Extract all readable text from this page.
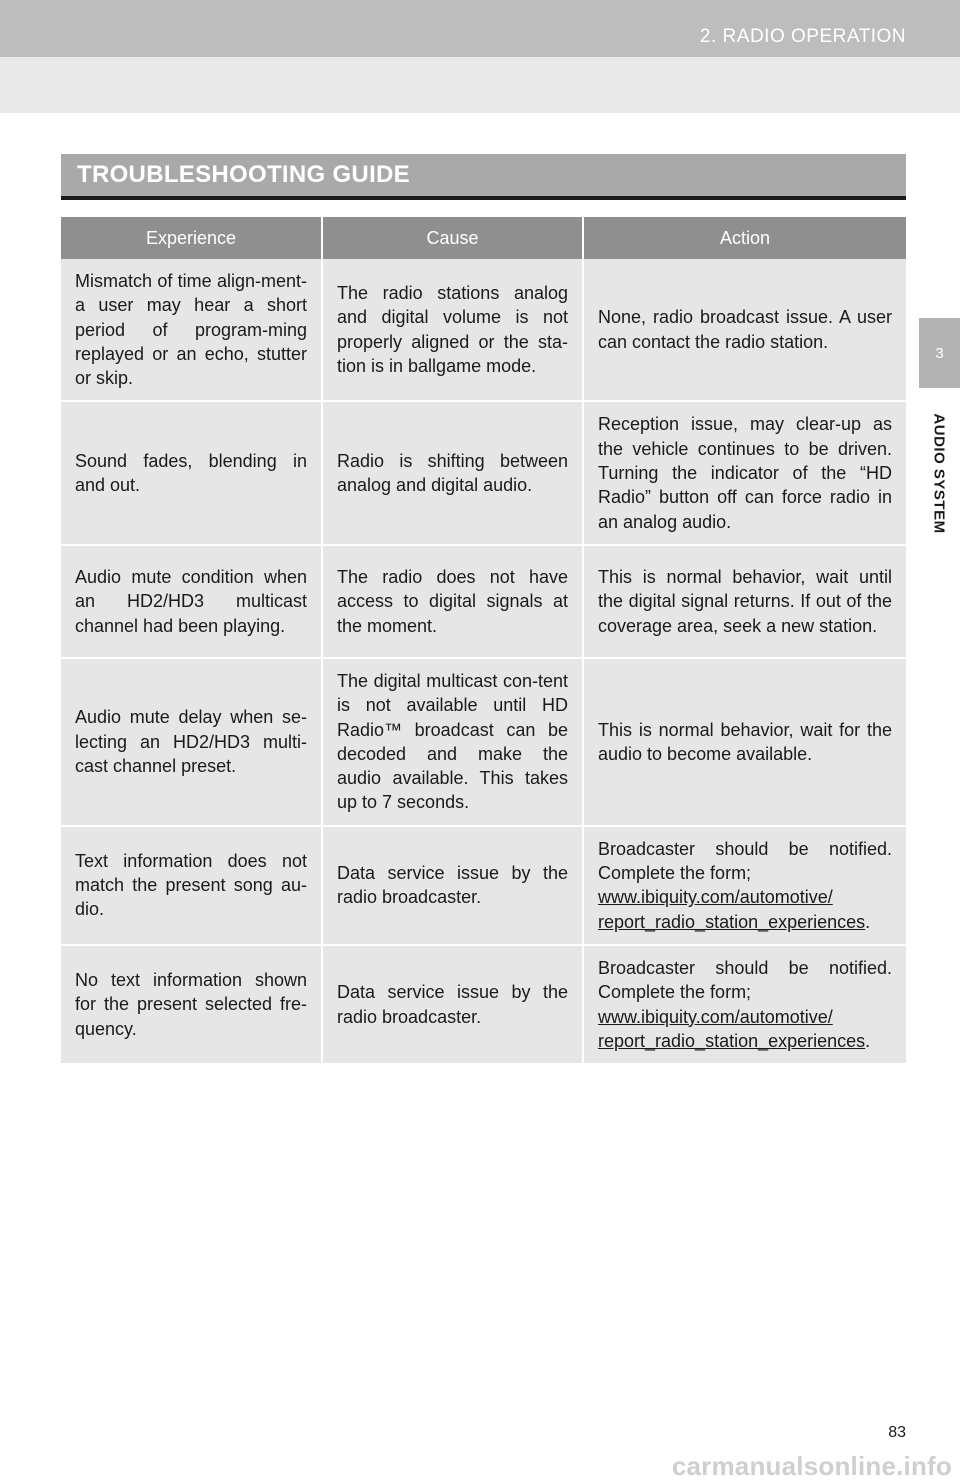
2. RADIO OPERATION
3
AUDIO SYSTEM
TROUBLESHOOTING GUIDE
Experience	Cause	Action
Mismatch of time align-ment- a user may hear a short period of program-ming replayed or an echo, stutter or skip.	The radio stations analog and digital volume is not properly aligned or the sta-tion is in ballgame mode.	None, radio broadcast issue. A user can contact the radio station.
Sound fades, blending in and out.	Radio is shifting between analog and digital audio.	Reception issue, may clear-up as the vehicle continues to be driven. Turning the indicator of the “HD Radio” button off can force radio in an analog audio.
Audio mute condition when an HD2/HD3 multicast channel had been playing.	The radio does not have access to digital signals at the moment.	This is normal behavior, wait until the digital signal returns. If out of the coverage area, seek a new station.
Audio mute delay when se-lecting an HD2/HD3 multi-cast channel preset.	The digital multicast con-tent is not available until HD Radio™ broadcast can be decoded and make the audio available. This takes up to 7 seconds.	This is normal behavior, wait for the audio to become available.
Text information does not match the present song au-dio.	Data service issue by the radio broadcaster.	Broadcaster should be notified. Complete the form;
www.ibiquity.com/automotive/
report_radio_station_experiences.
No text information shown for the present selected fre-quency.	Data service issue by the radio broadcaster.	Broadcaster should be notified. Complete the form;
www.ibiquity.com/automotive/
report_radio_station_experiences.
83
carmanualsonline.info
